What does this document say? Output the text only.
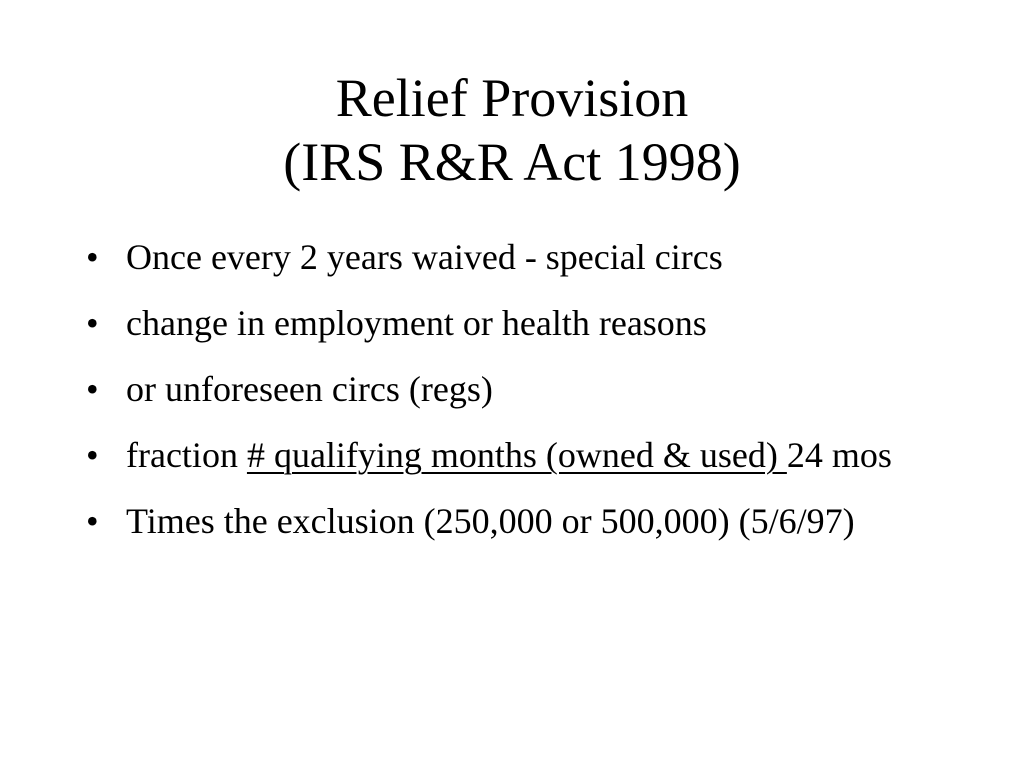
Relief Provision
(IRS R&R Act 1998)
• Once every 2 years waived - special circs
• change in employment or health reasons
• or unforeseen circs (regs)
• fraction # qualifying months (owned & used) 24 mos
• Times the exclusion (250,000 or 500,000) (5/6/97)
